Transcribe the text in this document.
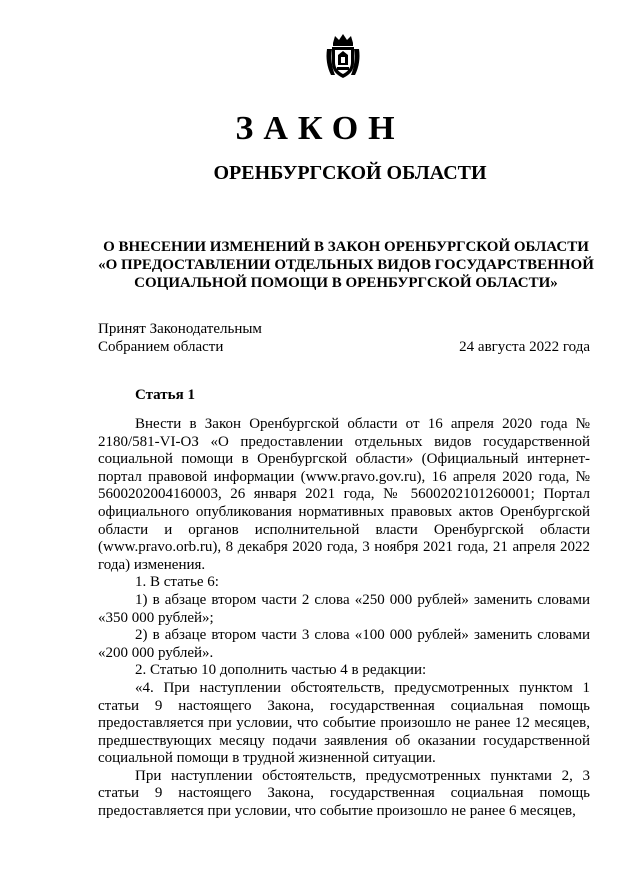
ЗАКОН
ОРЕНБУРГСКОЙ ОБЛАСТИ
О ВНЕСЕНИИ ИЗМЕНЕНИЙ В ЗАКОН ОРЕНБУРГСКОЙ ОБЛАСТИ
«О ПРЕДОСТАВЛЕНИИ ОТДЕЛЬНЫХ ВИДОВ ГОСУДАРСТВЕННОЙ
СОЦИАЛЬНОЙ ПОМОЩИ В ОРЕНБУРГСКОЙ ОБЛАСТИ»
Принят Законодательным
Собранием области	24 августа 2022 года
Статья 1

Внести в Закон Оренбургской области от 16 апреля 2020 года № 2180/581-VI-ОЗ «О предоставлении отдельных видов государственной социальной помощи в Оренбургской области» (Официальный интернет-портал правовой информации (www.pravo.gov.ru), 16 апреля 2020 года, № 5600202004160003, 26 января 2021 года, № 5600202101260001; Портал официального опубликования нормативных правовых актов Оренбургской области и органов исполнительной власти Оренбургской области (www.pravo.orb.ru), 8 декабря 2020 года, 3 ноября 2021 года, 21 апреля 2022 года) изменения.

1. В статье 6:

1) в абзаце втором части 2 слова «250 000 рублей» заменить словами «350 000 рублей»;

2) в абзаце втором части 3 слова «100 000 рублей» заменить словами «200 000 рублей».

2. Статью 10 дополнить частью 4 в редакции:

«4. При наступлении обстоятельств, предусмотренных пунктом 1 статьи 9 настоящего Закона, государственная социальная помощь предоставляется при условии, что событие произошло не ранее 12 месяцев, предшествующих месяцу подачи заявления об оказании государственной социальной помощи в трудной жизненной ситуации.

При наступлении обстоятельств, предусмотренных пунктами 2, 3 статьи 9 настоящего Закона, государственная социальная помощь предоставляется при условии, что событие произошло не ранее 6 месяцев,
